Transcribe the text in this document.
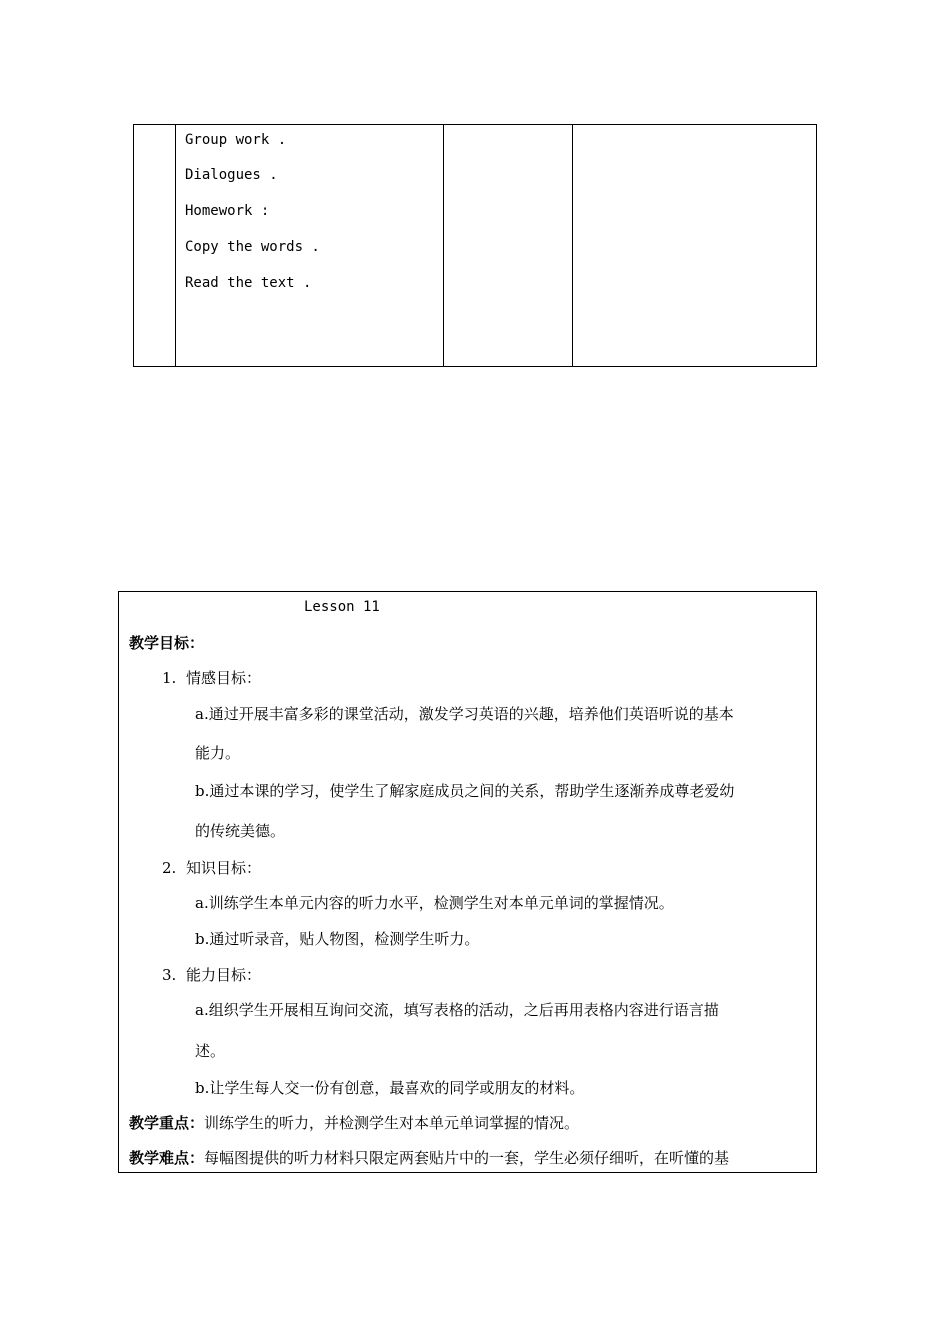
Group work .
Dialogues .
Homework :
Copy the words .
Read the text .
Lesson 11
教学目标：
1. 情感目标：
a.通过开展丰富多彩的课堂活动，激发学习英语的兴趣，培养他们英语听说的基本
能力。
b.通过本课的学习，使学生了解家庭成员之间的关系，帮助学生逐渐养成尊老爱幼
的传统美德。
2. 知识目标：
a.训练学生本单元内容的听力水平，检测学生对本单元单词的掌握情况。
b.通过听录音，贴人物图，检测学生听力。
3. 能力目标：
a.组织学生开展相互询问交流，填写表格的活动，之后再用表格内容进行语言描
述。
b.让学生每人交一份有创意，最喜欢的同学或朋友的材料。
教学重点：训练学生的听力，并检测学生对本单元单词掌握的情况。
教学难点：每幅图提供的听力材料只限定两套贴片中的一套，学生必须仔细听，在听懂的基
